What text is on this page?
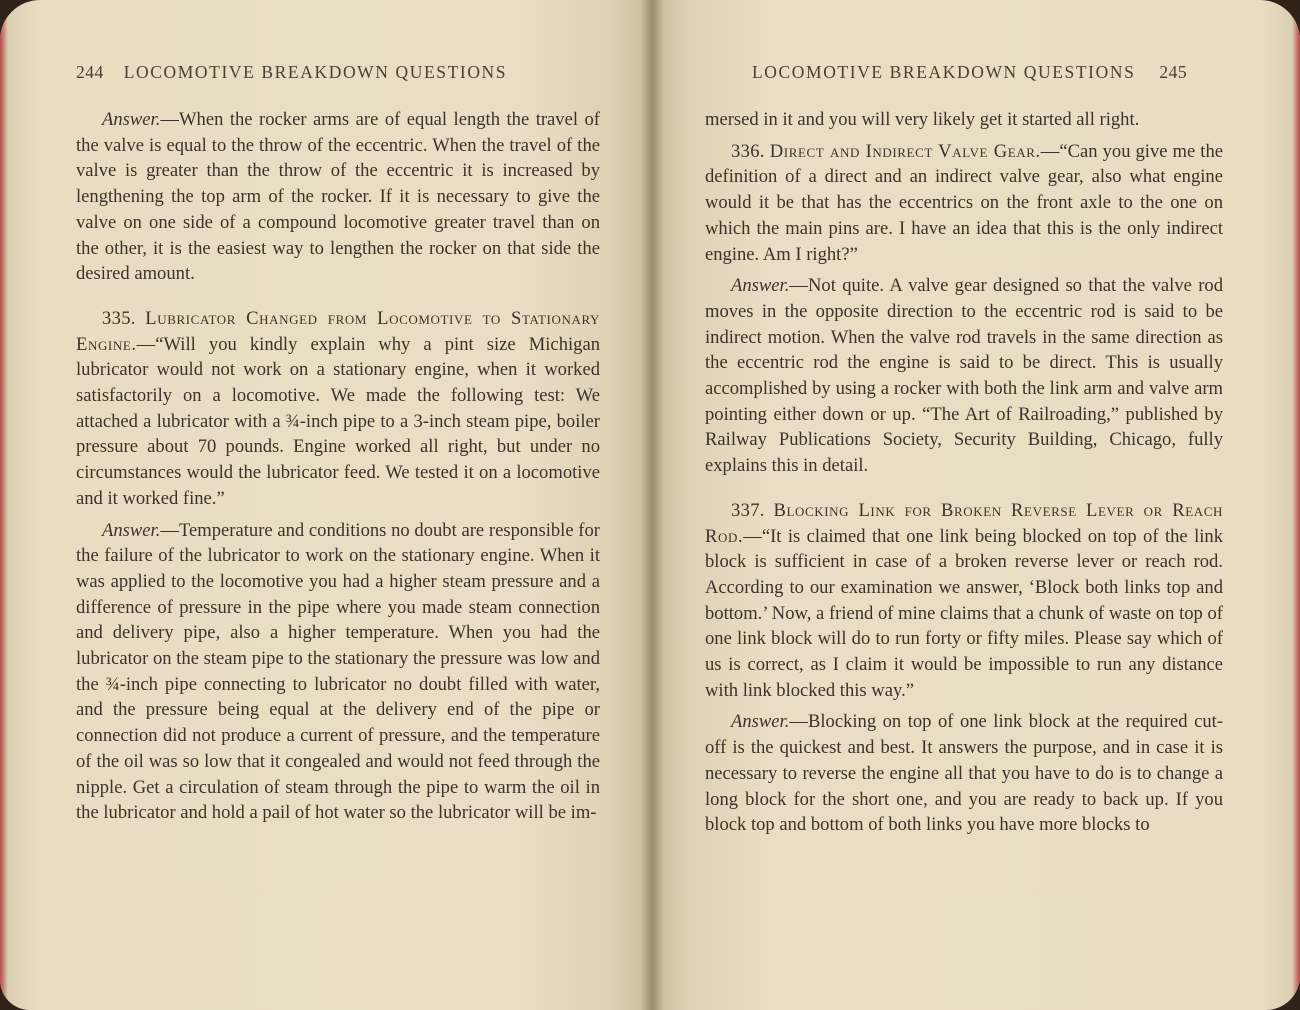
244 LOCOMOTIVE BREAKDOWN QUESTIONS

Answer.—When the rocker arms are of equal length the travel of the valve is equal to the throw of the eccentric. When the travel of the valve is greater than the throw of the eccentric it is increased by lengthening the top arm of the rocker. If it is necessary to give the valve on one side of a compound locomotive greater travel than on the other, it is the easiest way to lengthen the rocker on that side the desired amount.

335. Lubricator Changed from Locomotive to Stationary Engine.—“Will you kindly explain why a pint size Michigan lubricator would not work on a stationary engine, when it worked satisfactorily on a locomotive. We made the following test: We attached a lubricator with a ¾-inch pipe to a 3-inch steam pipe, boiler pressure about 70 pounds. Engine worked all right, but under no circumstances would the lubricator feed. We tested it on a locomotive and it worked fine.”

Answer.—Temperature and conditions no doubt are responsible for the failure of the lubricator to work on the stationary engine. When it was applied to the locomotive you had a higher steam pressure and a difference of pressure in the pipe where you made steam connection and delivery pipe, also a higher temperature. When you had the lubricator on the steam pipe to the stationary the pressure was low and the ¾-inch pipe connecting to lubricator no doubt filled with water, and the pressure being equal at the delivery end of the pipe or connection did not produce a current of pressure, and the temperature of the oil was so low that it congealed and would not feed through the nipple. Get a circulation of steam through the pipe to warm the oil in the lubricator and hold a pail of hot water so the lubricator will be im-

LOCOMOTIVE BREAKDOWN QUESTIONS 245

mersed in it and you will very likely get it started all right.

336. Direct and Indirect Valve Gear.—“Can you give me the definition of a direct and an indirect valve gear, also what engine would it be that has the eccentrics on the front axle to the one on which the main pins are. I have an idea that this is the only indirect engine. Am I right?”

Answer.—Not quite. A valve gear designed so that the valve rod moves in the opposite direction to the eccentric rod is said to be indirect motion. When the valve rod travels in the same direction as the eccentric rod the engine is said to be direct. This is usually accomplished by using a rocker with both the link arm and valve arm pointing either down or up. “The Art of Railroading,” published by Railway Publications Society, Security Building, Chicago, fully explains this in detail.

337. Blocking Link for Broken Reverse Lever or Reach Rod.—“It is claimed that one link being blocked on top of the link block is sufficient in case of a broken reverse lever or reach rod. According to our examination we answer, ‘Block both links top and bottom.’ Now, a friend of mine claims that a chunk of waste on top of one link block will do to run forty or fifty miles. Please say which of us is correct, as I claim it would be impossible to run any distance with link blocked this way.”

Answer.—Blocking on top of one link block at the required cut-off is the quickest and best. It answers the purpose, and in case it is necessary to reverse the engine all that you have to do is to change a long block for the short one, and you are ready to back up. If you block top and bottom of both links you have more blocks to
